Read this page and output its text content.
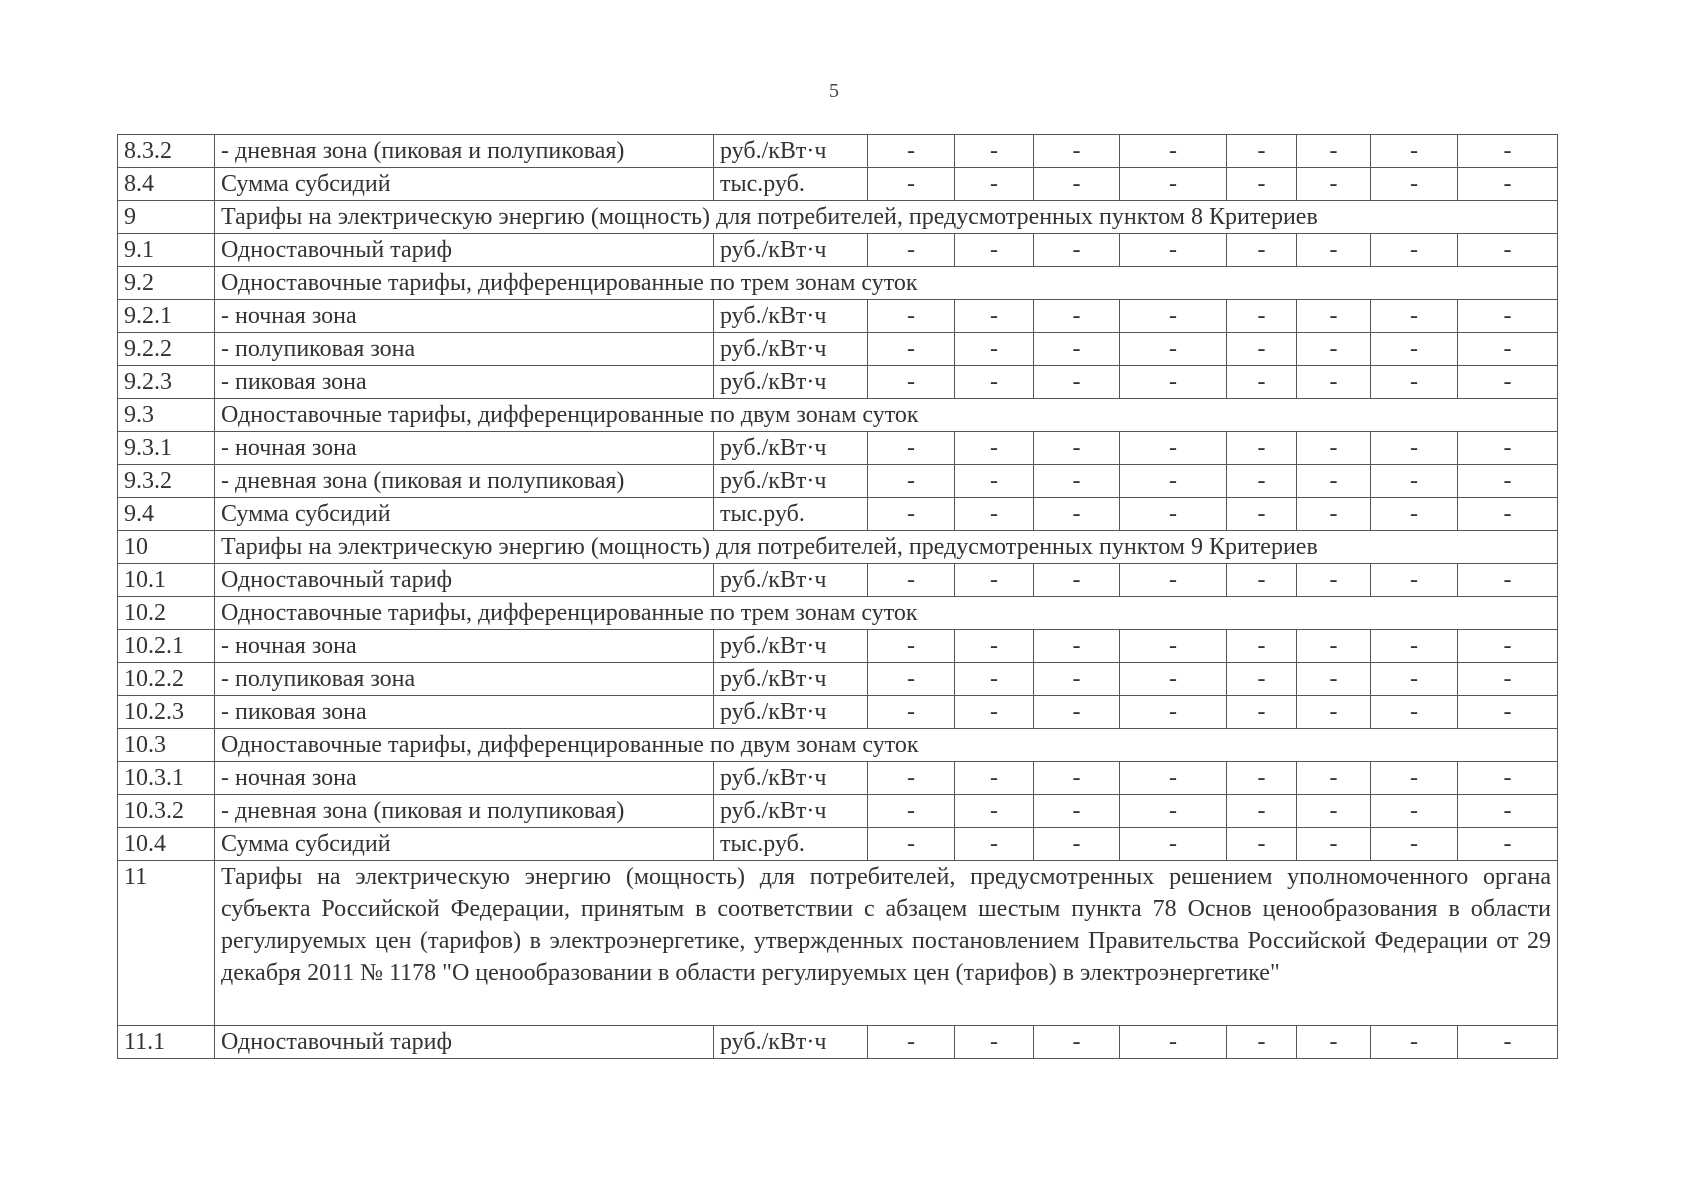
5
8.3.2	- дневная зона (пиковая и полупиковая)	руб./кВт·ч	-	-	-	-	-	-	-	-
8.4	Сумма субсидий	тыс.руб.	-	-	-	-	-	-	-	-
9	Тарифы на электрическую энергию (мощность) для потребителей, предусмотренных пунктом 8 Критериев									
9.1	Одноставочный тариф	руб./кВт·ч	-	-	-	-	-	-	-	-
9.2	Одноставочные тарифы, дифференцированные по трем зонам суток									
9.2.1	- ночная зона	руб./кВт·ч	-	-	-	-	-	-	-	-
9.2.2	- полупиковая зона	руб./кВт·ч	-	-	-	-	-	-	-	-
9.2.3	- пиковая зона	руб./кВт·ч	-	-	-	-	-	-	-	-
9.3	Одноставочные тарифы, дифференцированные по двум зонам суток									
9.3.1	- ночная зона	руб./кВт·ч	-	-	-	-	-	-	-	-
9.3.2	- дневная зона (пиковая и полупиковая)	руб./кВт·ч	-	-	-	-	-	-	-	-
9.4	Сумма субсидий	тыс.руб.	-	-	-	-	-	-	-	-
10	Тарифы на электрическую энергию (мощность) для потребителей, предусмотренных пунктом 9 Критериев									
10.1	Одноставочный тариф	руб./кВт·ч	-	-	-	-	-	-	-	-
10.2	Одноставочные тарифы, дифференцированные по трем зонам суток									
10.2.1	- ночная зона	руб./кВт·ч	-	-	-	-	-	-	-	-
10.2.2	- полупиковая зона	руб./кВт·ч	-	-	-	-	-	-	-	-
10.2.3	- пиковая зона	руб./кВт·ч	-	-	-	-	-	-	-	-
10.3	Одноставочные тарифы, дифференцированные по двум зонам суток									
10.3.1	- ночная зона	руб./кВт·ч	-	-	-	-	-	-	-	-
10.3.2	- дневная зона (пиковая и полупиковая)	руб./кВт·ч	-	-	-	-	-	-	-	-
10.4	Сумма субсидий	тыс.руб.	-	-	-	-	-	-	-	-
11	Тарифы на электрическую энергию (мощность) для потребителей, предусмотренных решением уполномоченного органа субъекта Российской Федерации, принятым в соответствии с абзацем шестым пункта 78 Основ ценообразования в области регулируемых цен (тарифов) в электроэнергетике, утвержденных постановлением Правительства Российской Федерации от 29 декабря 2011 № 1178 "О ценообразовании в области регулируемых цен (тарифов) в электроэнергетике"									
11.1	Одноставочный тариф	руб./кВт·ч	-	-	-	-	-	-	-	-
